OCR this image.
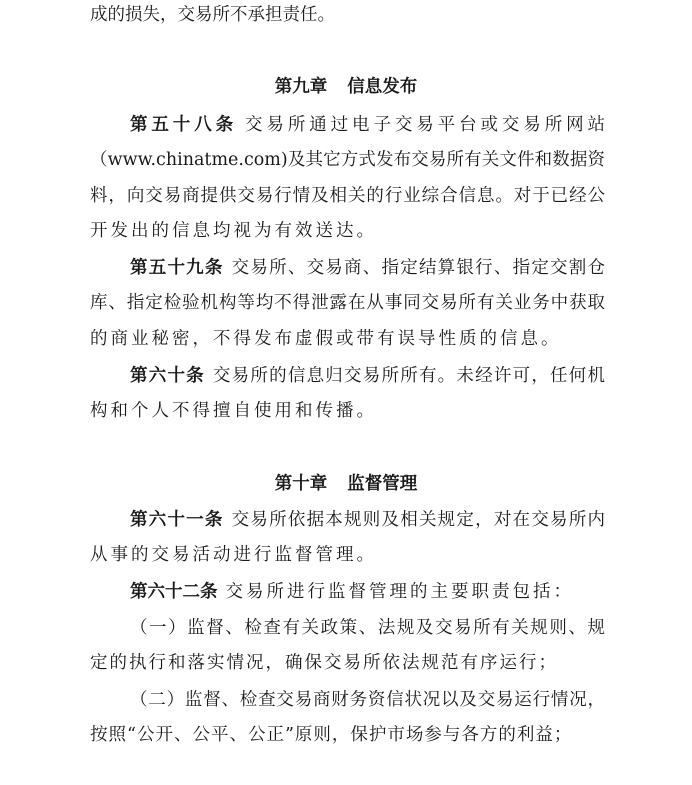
成的损失，交易所不承担责任。
第九章 信息发布
第五十八条 交易所通过电子交易平台或交易所网站
（www.chinatme.com)及其它方式发布交易所有关文件和数据资
料，向交易商提供交易行情及相关的行业综合信息。对于已经公
开发出的信息均视为有效送达。
第五十九条 交易所、交易商、指定结算银行、指定交割仓
库、指定检验机构等均不得泄露在从事同交易所有关业务中获取
的商业秘密，不得发布虚假或带有误导性质的信息。
第六十条 交易所的信息归交易所所有。未经许可，任何机
构和个人不得擅自使用和传播。
第十章 监督管理
第六十一条 交易所依据本规则及相关规定，对在交易所内
从事的交易活动进行监督管理。
第六十二条 交易所进行监督管理的主要职责包括：
（一）监督、检查有关政策、法规及交易所有关规则、规
定的执行和落实情况，确保交易所依法规范有序运行；
（二）监督、检查交易商财务资信状况以及交易运行情况，
按照“公开、公平、公正”原则，保护市场参与各方的利益；
